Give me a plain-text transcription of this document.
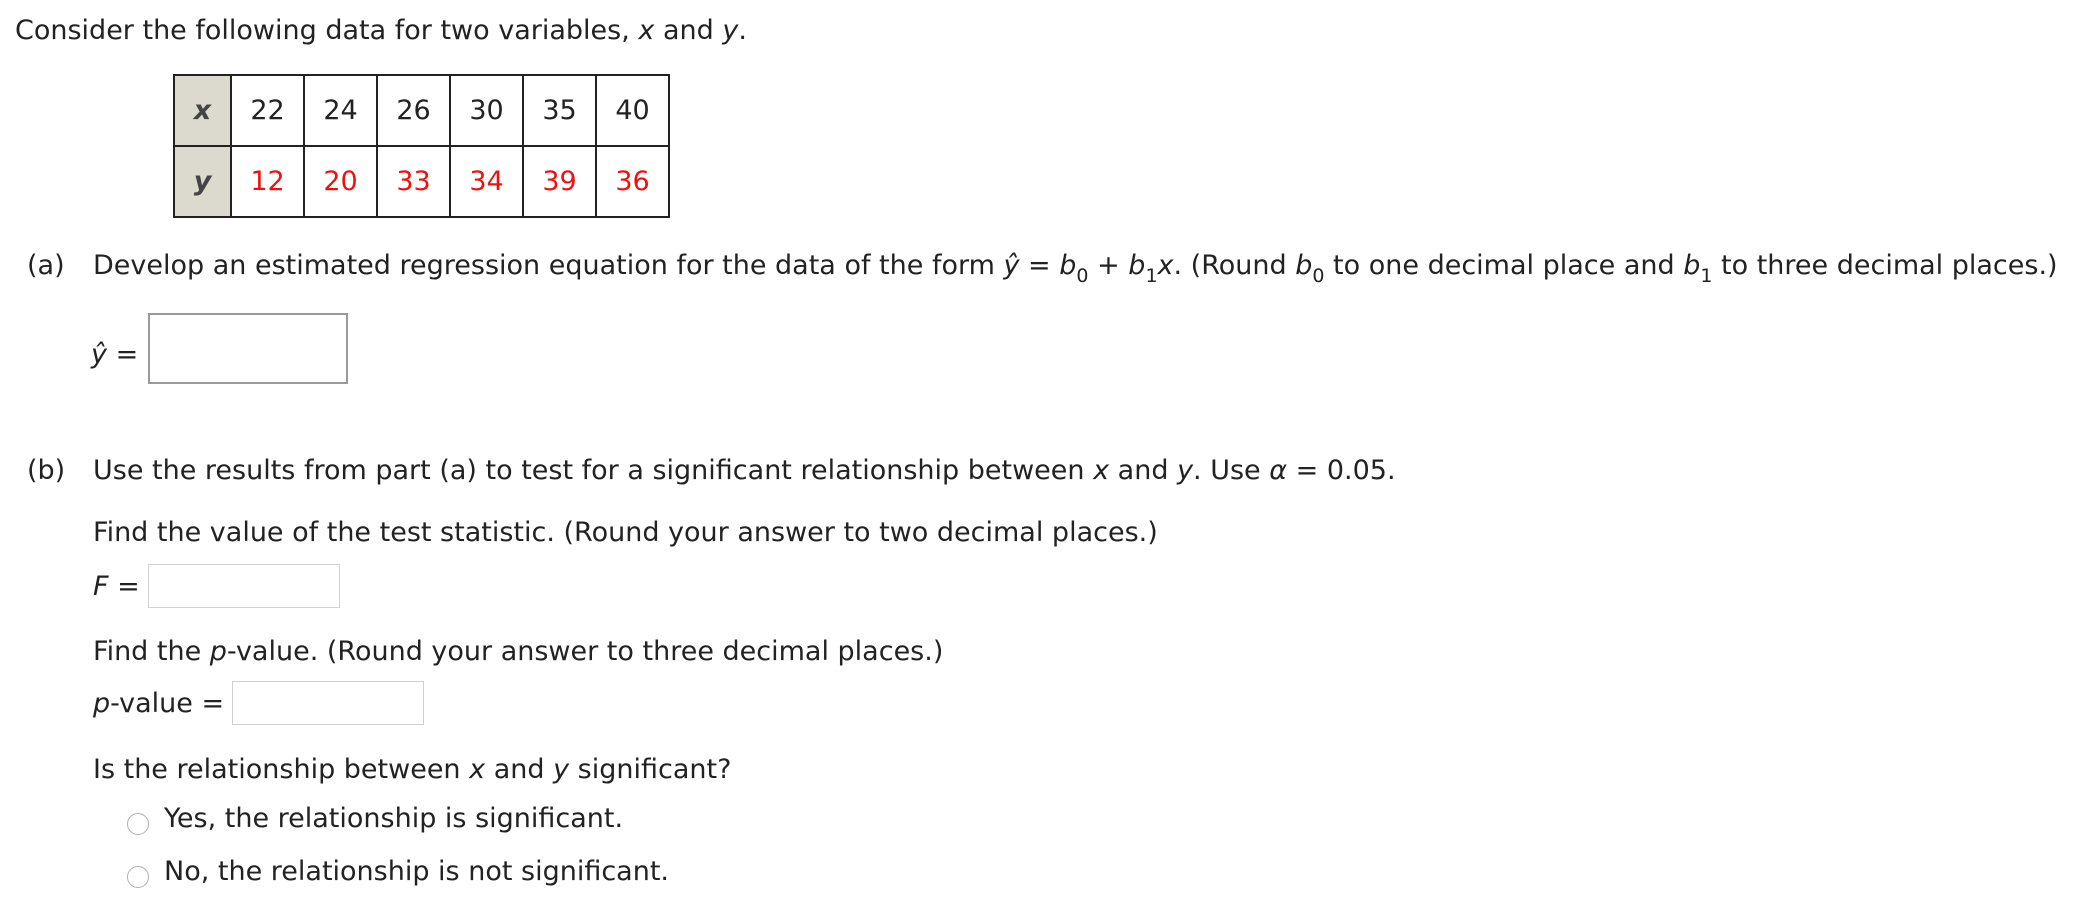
Consider the following data for two variables, x and y.
x	22	24	26	30	35	40
y	12	20	33	34	39	36
(a) Develop an estimated regression equation for the data of the form ŷ = $b_0 + b_1x$. (Round $b_0$ to one decimal place and $b_1$ to three decimal places.)
ŷ =
(b) Use the results from part (a) to test for a significant relationship between x and y. Use α = 0.05.
Find the value of the test statistic. (Round your answer to two decimal places.)
F =
Find the p-value. (Round your answer to three decimal places.)
p-value =
Is the relationship between x and y significant?
Yes, the relationship is significant.
No, the relationship is not significant.
